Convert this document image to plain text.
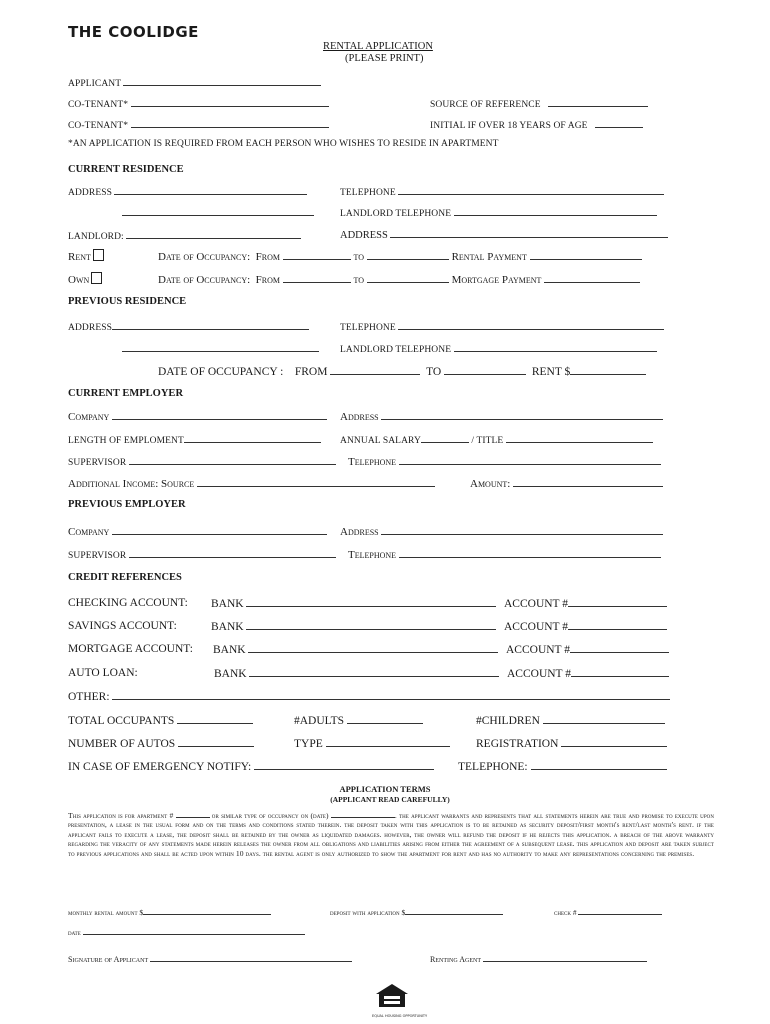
THE COOLIDGE
RENTAL APPLICATION
(PLEASE PRINT)
APPLICANT
CO-TENANT*	SOURCE OF REFERENCE
CO-TENANT*	INITIAL IF OVER 18 YEARS OF AGE
*AN APPLICATION IS REQUIRED FROM EACH PERSON WHO WISHES TO RESIDE IN APARTMENT
CURRENT RESIDENCE
ADDRESS	TELEPHONE
LANDLORD TELEPHONE
LANDLORD:	ADDRESS
Rent	Date of Occupancy: From	to	Rental Payment
Own	Date of Occupancy: From	to	Mortgage Payment
PREVIOUS RESIDENCE
ADDRESS	TELEPHONE
LANDLORD TELEPHONE
DATE OF OCCUPANCY : FROM	TO	RENT $
CURRENT EMPLOYER
Company	Address
LENGTH OF EMPLOMENT	ANNUAL SALARY	/ TITLE
SUPERVISOR	Telephone
Additional Income: Source	Amount:
PREVIOUS EMPLOYER
Company	Address
SUPERVISOR	Telephone
CREDIT REFERENCES
CHECKING ACCOUNT: BANK	ACCOUNT #
SAVINGS ACCOUNT:	BANK	ACCOUNT #
MORTGAGE ACCOUNT: BANK	ACCOUNT #
AUTO LOAN:	BANK	ACCOUNT #
OTHER:
TOTAL OCCUPANTS	#ADULTS	#CHILDREN
NUMBER OF AUTOS	TYPE	REGISTRATION
IN CASE OF EMERGENCY NOTIFY:	TELEPHONE:
APPLICATION TERMS
(APPLICANT READ CAREFULLY)
This application is for apartment #	or similar type of occupancy on (date)	. the applicant warrants and represents that all statements herein are true and promise to execute upon presentation, a lease in the usual form and on the terms and conditions stated therein. the deposit taken with this application is to be retained as security deposit/first month's rent/last month's rent. if the applicant fails to execute a lease, the deposit shall be retained by the owner as liquidated damages. however, the owner will refund the deposit if he rejects this application. a breach of the above warranty regarding the veracity of any statements made herein releases the owner from all obligations and liabilities arising from either the agreement of a subsequent lease. this application and deposit are taken subject to previous applications and shall be acted upon within 10 days. the rental agent is only authorized to show the apartment for rent and has no authority to make any representations concerning the premises.
monthly rental amount $	deposit with application $	check #
date
Signature of Applicant	Renting Agent
EQUAL HOUSING OPPORTUNITY
